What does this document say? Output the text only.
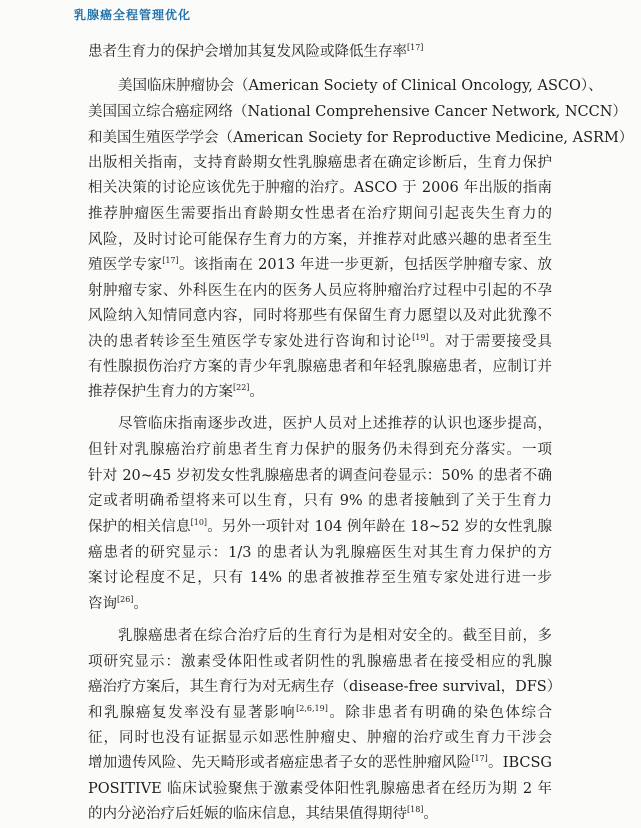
乳腺癌全程管理优化
患者生育力的保护会增加其复发风险或降低生存率[17]
美国临床肿瘤协会（American Society of Clinical Oncology, ASCO）、
美国国立综合癌症网络（National Comprehensive Cancer Network, NCCN）
和美国生殖医学学会（American Society for Reproductive Medicine, ASRM）
出版相关指南，支持育龄期女性乳腺癌患者在确定诊断后，生育力保护
相关决策的讨论应该优先于肿瘤的治疗。ASCO 于 2006 年出版的指南
推荐肿瘤医生需要指出育龄期女性患者在治疗期间引起丧失生育力的
风险，及时讨论可能保存生育力的方案，并推荐对此感兴趣的患者至生
殖医学专家[17]。该指南在 2013 年进一步更新，包括医学肿瘤专家、放
射肿瘤专家、外科医生在内的医务人员应将肿瘤治疗过程中引起的不孕
风险纳入知情同意内容，同时将那些有保留生育力愿望以及对此犹豫不
决的患者转诊至生殖医学专家处进行咨询和讨论[19]。对于需要接受具
有性腺损伤治疗方案的青少年乳腺癌患者和年轻乳腺癌患者，应制订并
推荐保护生育力的方案[22]。
尽管临床指南逐步改进，医护人员对上述推荐的认识也逐步提高，
但针对乳腺癌治疗前患者生育力保护的服务仍未得到充分落实。一项
针对 20~45 岁初发女性乳腺癌患者的调查问卷显示：50% 的患者不确
定或者明确希望将来可以生育，只有 9% 的患者接触到了关于生育力
保护的相关信息[10]。另外一项针对 104 例年龄在 18~52 岁的女性乳腺
癌患者的研究显示：1/3 的患者认为乳腺癌医生对其生育力保护的方
案讨论程度不足，只有 14% 的患者被推荐至生殖专家处进行进一步
咨询[26]。
乳腺癌患者在综合治疗后的生育行为是相对安全的。截至目前，多
项研究显示：激素受体阳性或者阴性的乳腺癌患者在接受相应的乳腺
癌治疗方案后，其生育行为对无病生存（disease-free survival，DFS）
和乳腺癌复发率没有显著影响[2,6,19]。除非患者有明确的染色体综合
征，同时也没有证据显示如恶性肿瘤史、肿瘤的治疗或生育力干涉会
增加遗传风险、先天畸形或者癌症患者子女的恶性肿瘤风险[17]。IBCSG
POSITIVE 临床试验聚焦于激素受体阳性乳腺癌患者在经历为期 2 年
的内分泌治疗后妊娠的临床信息，其结果值得期待[18]。
